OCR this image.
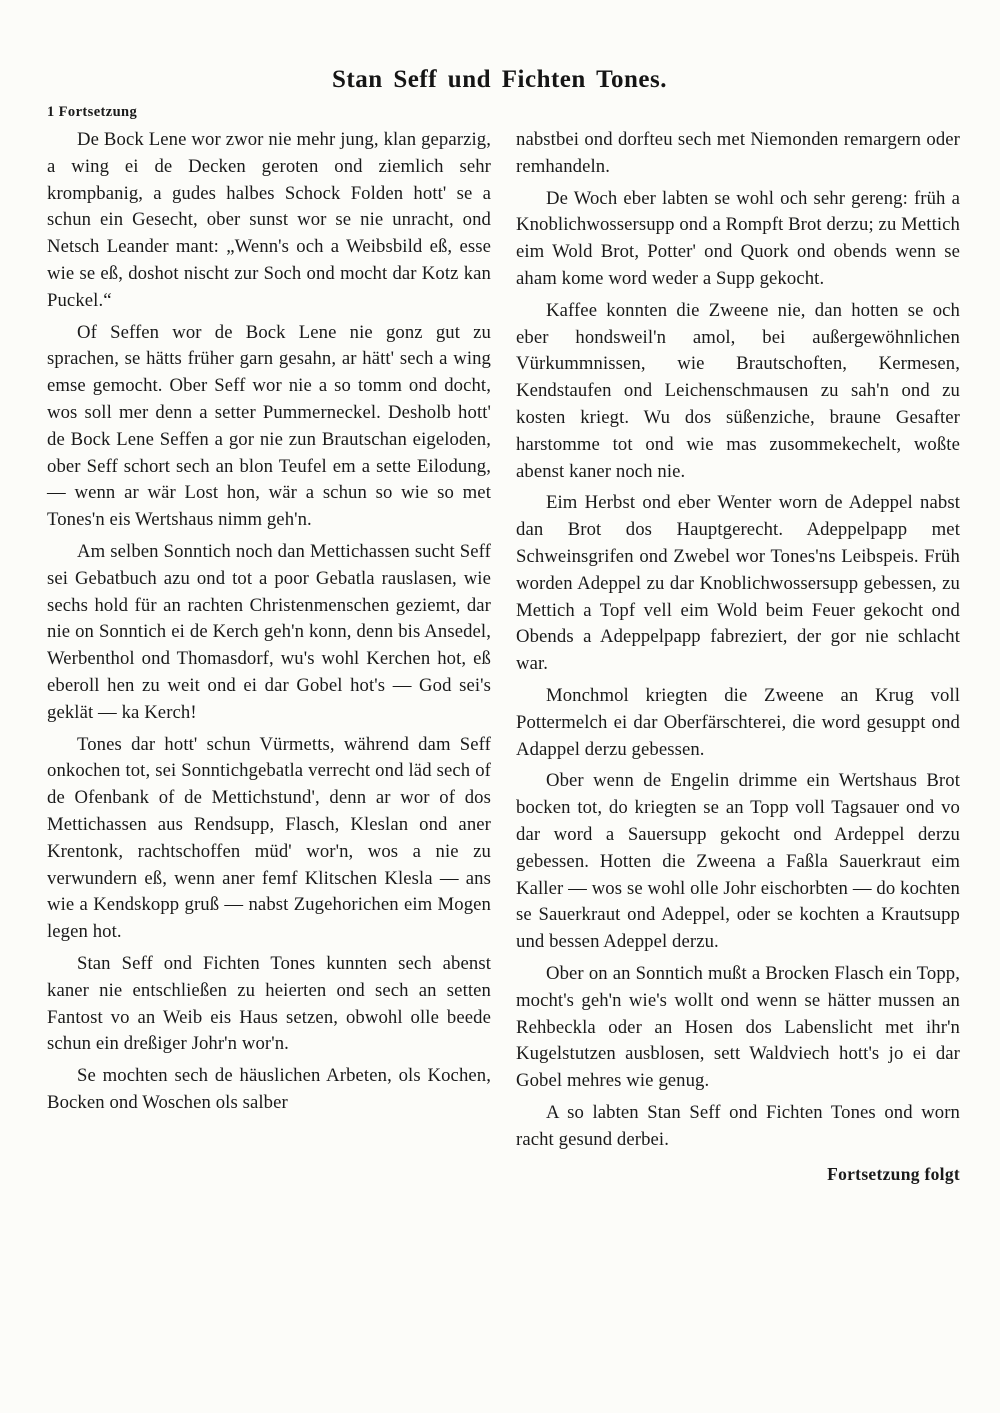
Stan Seff und Fichten Tones.
1 Fortsetzung

De Bock Lene wor zwor nie mehr jung, klan geparzig, a wing ei de Decken geroten ond ziemlich sehr krompbanig, a gudes halbes Schock Folden hott' se a schun ein Gesecht, ober sunst wor se nie unracht, ond Netsch Leander mant: „Wenn's och a Weibsbild eß, esse wie se eß, doshot nischt zur Soch ond mocht dar Kotz kan Puckel.“

Of Seffen wor de Bock Lene nie gonz gut zu sprachen, se hätts früher garn gesahn, ar hätt' sech a wing emse gemocht. Ober Seff wor nie a so tomm ond docht, wos soll mer denn a setter Pummerneckel. Desholb hott' de Bock Lene Seffen a gor nie zun Brautschan eigeloden, ober Seff schort sech an blon Teufel em a sette Eilodung, — wenn ar wär Lost hon, wär a schun so wie so met Tones'n eis Wertshaus nimm geh'n.

Am selben Sonntich noch dan Mettichassen sucht Seff sei Gebatbuch azu ond tot a poor Gebatla rauslasen, wie sechs hold für an rachten Christenmenschen geziemt, dar nie on Sonntich ei de Kerch geh'n konn, denn bis Ansedel, Werbenthol ond Thomasdorf, wu's wohl Kerchen hot, eß eberoll hen zu weit ond ei dar Gobel hot's — God sei's geklät — ka Kerch!

Tones dar hott' schun Vürmetts, während dam Seff onkochen tot, sei Sonntichgebatla verrecht ond läd sech of de Ofenbank of de Mettichstund', denn ar wor of dos Mettichassen aus Rendsupp, Flasch, Kleslan ond aner Krentonk, rachtschoffen müd' wor'n, wos a nie zu verwundern eß, wenn aner femf Klitschen Klesla — ans wie a Kendskopp gruß — nabst Zugehorichen eim Mogen legen hot.

Stan Seff ond Fichten Tones kunnten sech abenst kaner nie entschließen zu heierten ond sech an setten Fantost vo an Weib eis Haus setzen, obwohl olle beede schun ein dreßiger Johr'n wor'n.

Se mochten sech de häuslichen Arbeten, ols Kochen, Bocken ond Woschen ols salber

nabstbei ond dorfteu sech met Niemonden remargern oder remhandeln.

De Woch eber labten se wohl och sehr gereng: früh a Knoblichwossersupp ond a Rompft Brot derzu; zu Mettich eim Wold Brot, Potter' ond Quork ond obends wenn se aham kome word weder a Supp gekocht.

Kaffee konnten die Zweene nie, dan hotten se och eber hondsweil'n amol, bei außergewöhnlichen Vürkummnissen, wie Brautschoften, Kermesen, Kendstaufen ond Leichenschmausen zu sah'n ond zu kosten kriegt. Wu dos süßenziche, braune Gesafter harstomme tot ond wie mas zusommekechelt, woßte abenst kaner noch nie.

Eim Herbst ond eber Wenter worn de Adeppel nabst dan Brot dos Hauptgerecht. Adeppelpapp met Schweinsgrifen ond Zwebel wor Tones'ns Leibspeis. Früh worden Adeppel zu dar Knoblichwossersupp gebessen, zu Mettich a Topf vell eim Wold beim Feuer gekocht ond Obends a Adeppelpapp fabreziert, der gor nie schlacht war.

Monchmol kriegten die Zweene an Krug voll Pottermelch ei dar Oberfärschterei, die word gesuppt ond Adappel derzu gebessen.

Ober wenn de Engelin drimme ein Wertshaus Brot bocken tot, do kriegten se an Topp voll Tagsauer ond vo dar word a Sauersupp gekocht ond Ardeppel derzu gebessen. Hotten die Zweena a Faßla Sauerkraut eim Kaller — wos se wohl olle Johr eischorbten — do kochten se Sauerkraut ond Adeppel, oder se kochten a Krautsupp und bessen Adeppel derzu.

Ober on an Sonntich mußt a Brocken Flasch ein Topp, mocht's geh'n wie's wollt ond wenn se hätter mussen an Rehbeckla oder an Hosen dos Labenslicht met ihr'n Kugelstutzen ausblosen, sett Waldviech hott's jo ei dar Gobel mehres wie genug.

A so labten Stan Seff ond Fichten Tones ond worn racht gesund derbei.

Fortsetzung folgt
